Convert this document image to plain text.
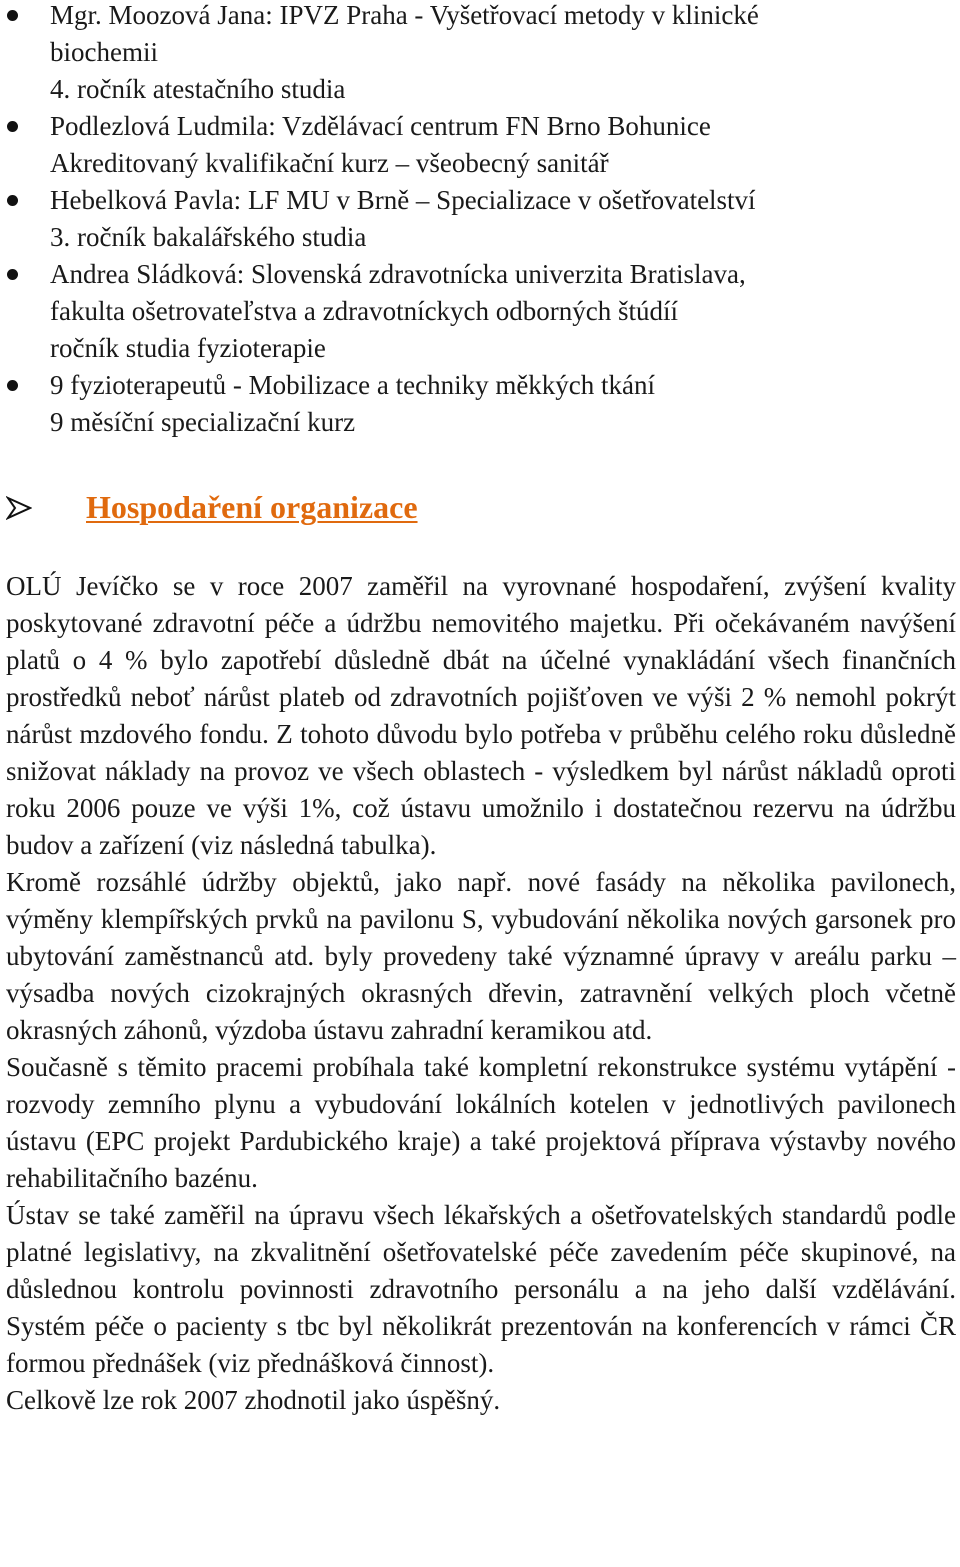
Mgr. Moozová Jana: IPVZ Praha - Vyšetřovací metody v klinické
biochemii
4. ročník atestačního studia
Podlezlová Ludmila: Vzdělávací centrum FN Brno Bohunice
Akreditovaný kvalifikační kurz – všeobecný sanitář
Hebelková Pavla: LF MU v Brně – Specializace v ošetřovatelství
3. ročník bakalářského studia
Andrea Sládková: Slovenská zdravotnícka univerzita Bratislava,
fakulta ošetrovateľstva a zdravotníckych odborných štúdíí
ročník studia fyzioterapie
9 fyzioterapeutů - Mobilizace a techniky měkkých tkání
9 měsíční specializační kurz
Hospodaření organizace

OLÚ Jevíčko se v roce 2007 zaměřil na vyrovnané hospodaření, zvýšení kvality poskytované zdravotní péče a údržbu nemovitého majetku. Při očekávaném navýšení platů o 4 % bylo zapotřebí důsledně dbát na účelné vynakládání všech finančních prostředků neboť nárůst plateb od zdravotních pojišťoven ve výši 2 % nemohl pokrýt nárůst mzdového fondu. Z tohoto důvodu bylo potřeba v průběhu celého roku důsledně snižovat náklady na provoz ve všech oblastech - výsledkem byl nárůst nákladů oproti roku 2006 pouze ve výši 1%, což ústavu umožnilo i dostatečnou rezervu na údržbu budov a zařízení (viz následná tabulka).

Kromě rozsáhlé údržby objektů, jako např. nové fasády na několika pavilonech, výměny klempířských prvků na pavilonu S, vybudování několika nových garsonek pro ubytování zaměstnanců atd. byly provedeny také významné úpravy v areálu parku – výsadba nových cizokrajných okrasných dřevin, zatravnění velkých ploch včetně okrasných záhonů, výzdoba ústavu zahradní keramikou atd.

Současně s těmito pracemi probíhala také kompletní rekonstrukce systému vytápění - rozvody zemního plynu a vybudování lokálních kotelen v jednotlivých pavilonech ústavu (EPC projekt Pardubického kraje) a také projektová příprava výstavby nového rehabilitačního bazénu.

Ústav se také zaměřil na úpravu všech lékařských a ošetřovatelských standardů podle platné legislativy, na zkvalitnění ošetřovatelské péče zavedením péče skupinové, na důslednou kontrolu povinnosti zdravotního personálu a na jeho další vzdělávání. Systém péče o pacienty s tbc byl několikrát prezentován na konferencích v rámci ČR formou přednášek (viz přednášková činnost).

Celkově lze rok 2007 zhodnotil jako úspěšný.
